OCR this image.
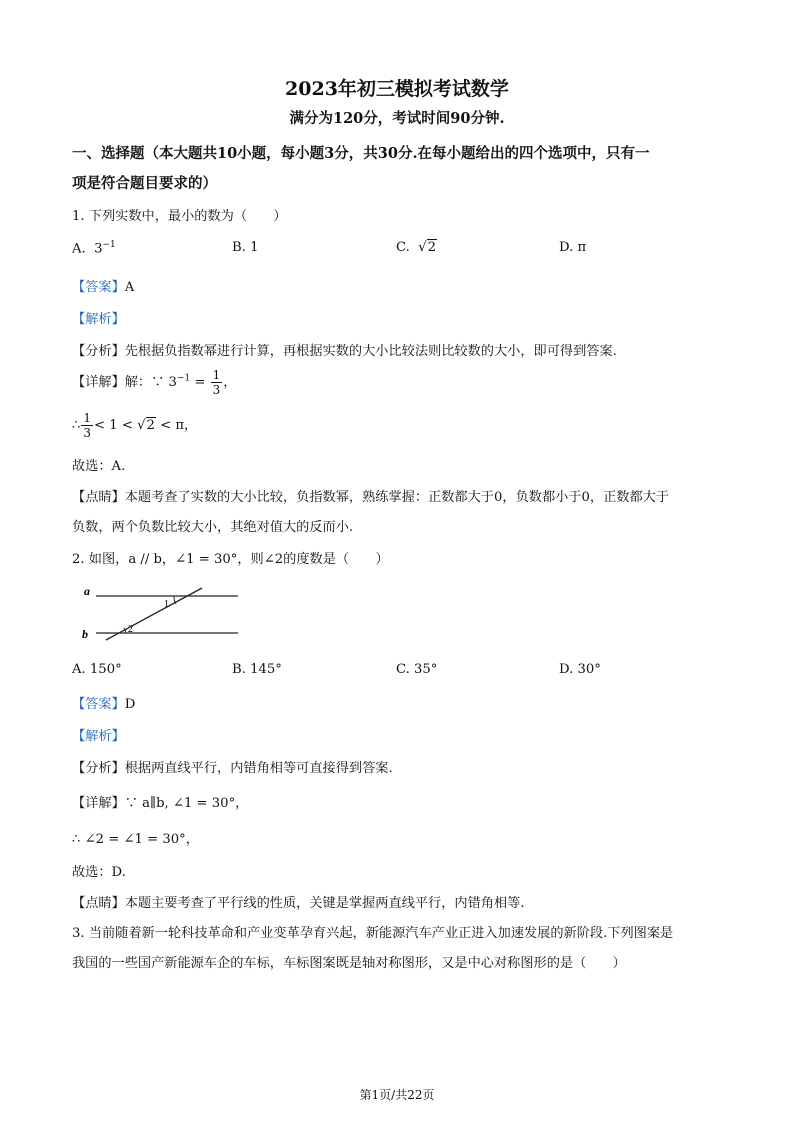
2023年初三模拟考试数学
满分为120分，考试时间90分钟.
一、选择题（本大题共10小题，每小题3分，共30分.在每小题给出的四个选项中，只有一
项是符合题目要求的）
1. 下列实数中，最小的数为（　　）
A. $3^{-1}$	B. 1	C. √2	D. π
【答案】A
【解析】
【分析】先根据负指数幂进行计算，再根据实数的大小比较法则比较数的大小，即可得到答案.
【详解】解：∵ $3^{-1} = \frac{1}{3}$ ，
∴ $\frac{1}{3} < 1 < √2 < \pi$，
故选：A.
【点睛】本题考查了实数的大小比较，负指数幂，熟练掌握：正数都大于0，负数都小于0，正数都大于
负数，两个负数比较大小，其绝对值大的反而小.
2. 如图，a // b，∠1 = 30°，则∠2的度数是（　　）
a
b
1
2
A. 150°	B. 145°	C. 35°	D. 30°
【答案】D
【解析】
【分析】根据两直线平行，内错角相等可直接得到答案.
【详解】∵ a∥b, ∠1 = 30°，
∴ ∠2 = ∠1 = 30°，
故选：D.
【点睛】本题主要考查了平行线的性质，关键是掌握两直线平行，内错角相等.
3. 当前随着新一轮科技革命和产业变革孕育兴起，新能源汽车产业正进入加速发展的新阶段.下列图案是
我国的一些国产新能源车企的车标，车标图案既是轴对称图形，又是中心对称图形的是（　　）
第1页/共22页
